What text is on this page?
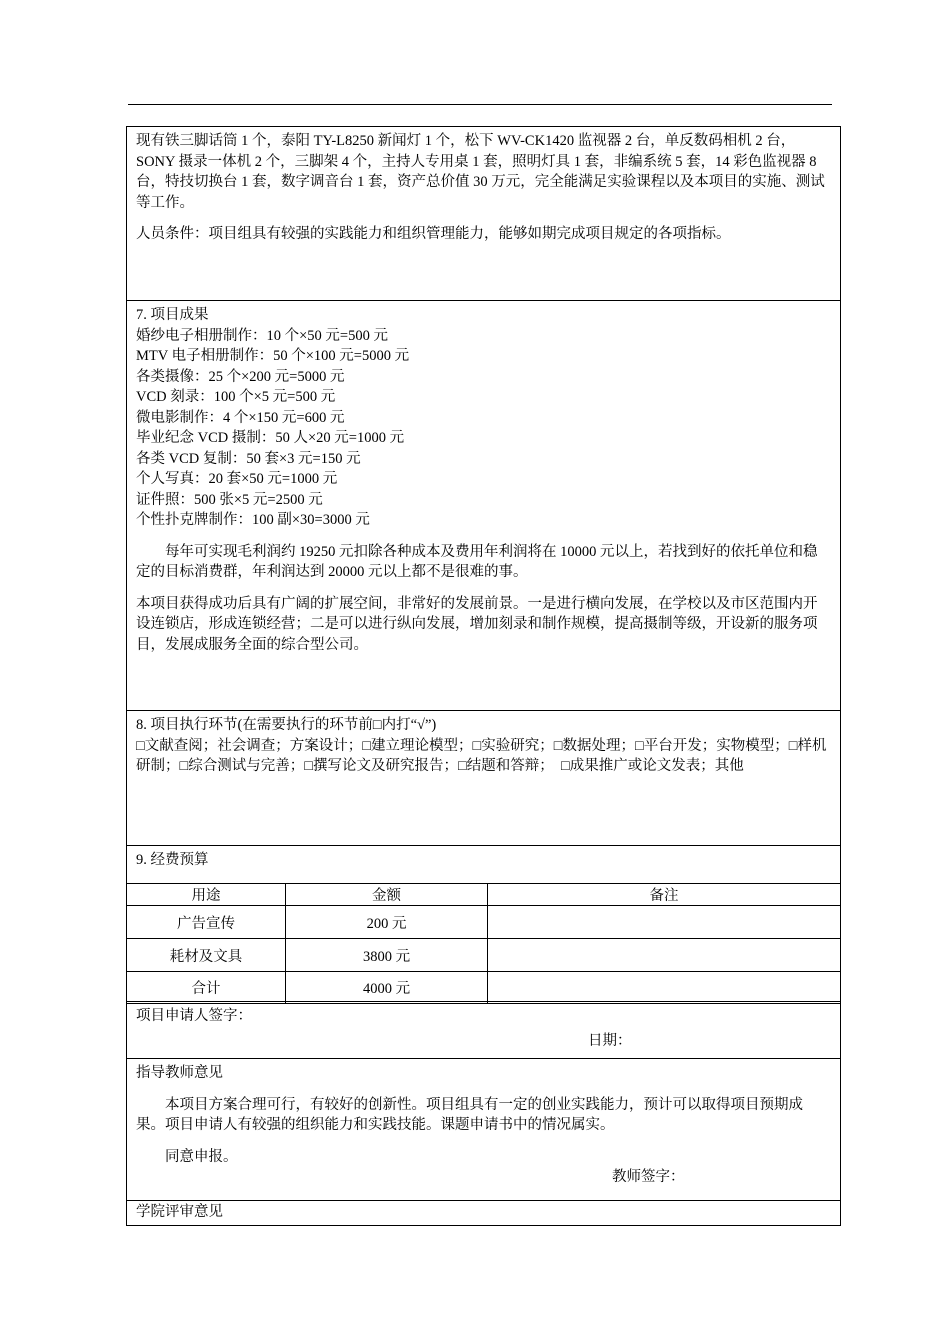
现有铁三脚话筒 1 个，泰阳 TY-L8250 新闻灯 1 个，松下 WV-CK1420 监视器 2 台，单反数码相机 2 台，SONY 摄录一体机 2 个，三脚架 4 个，主持人专用桌 1 套，照明灯具 1 套，非编系统 5 套，14 彩色监视器 8 台，特技切换台 1 套，数字调音台 1 套，资产总价值 30 万元，完全能满足实验课程以及本项目的实施、测试等工作。

人员条件：项目组具有较强的实践能力和组织管理能力，能够如期完成项目规定的各项指标。

7. 项目成果

婚纱电子相册制作：10 个×50 元=500 元

MTV 电子相册制作：50 个×100 元=5000 元

各类摄像：25 个×200 元=5000 元

VCD 刻录：100 个×5 元=500 元

微电影制作：4 个×150 元=600 元

毕业纪念 VCD 摄制：50 人×20 元=1000 元

各类 VCD 复制：50 套×3 元=150 元

个人写真：20 套×50 元=1000 元

证件照：500 张×5 元=2500 元

个性扑克牌制作：100 副×30=3000 元

每年可实现毛利润约 19250 元扣除各种成本及费用年利润将在 10000 元以上，若找到好的依托单位和稳定的目标消费群，年利润达到 20000 元以上都不是很难的事。

本项目获得成功后具有广阔的扩展空间，非常好的发展前景。一是进行横向发展，在学校以及市区范围内开设连锁店，形成连锁经营；二是可以进行纵向发展，增加刻录和制作规模，提高摄制等级，开设新的服务项目，发展成服务全面的综合型公司。

8. 项目执行环节(在需要执行的环节前□内打“√”)

□文献查阅；社会调查；方案设计；□建立理论模型；□实验研究；□数据处理；□平台开发；实物模型；□样机研制；□综合测试与完善；□撰写论文及研究报告；□结题和答辩；　□成果推广或论文发表；其他

9. 经费预算

用途	金额	备注
广告宣传	200 元	
耗材及文具	3800 元	
合计	4000 元	

项目申请人签字：

日期：

指导教师意见

本项目方案合理可行，有较好的创新性。项目组具有一定的创业实践能力，预计可以取得项目预期成果。项目申请人有较强的组织能力和实践技能。课题申请书中的情况属实。

同意申报。

教师签字：

学院评审意见
